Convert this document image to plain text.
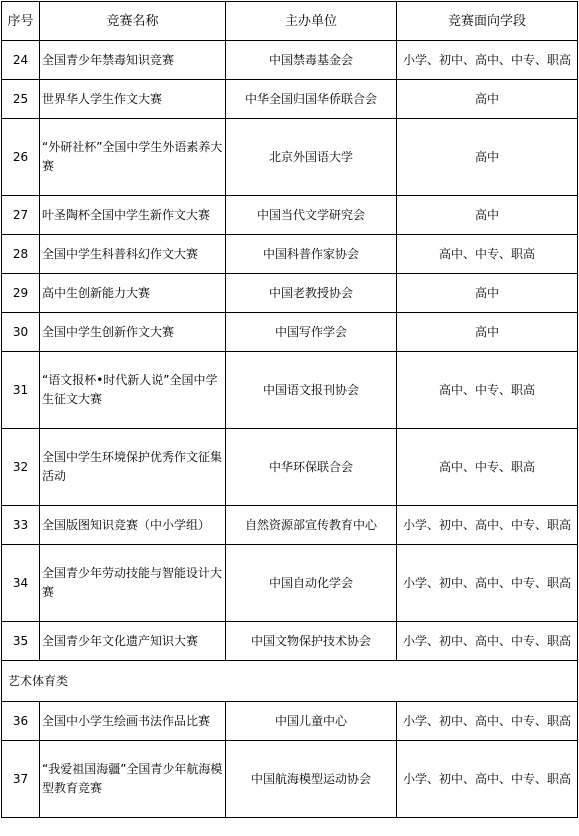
序号	竞赛名称	主办单位	竞赛面向学段
24	全国青少年禁毒知识竞赛	中国禁毒基金会	小学、初中、高中、中专、职高
25	世界华人学生作文大赛	中华全国归国华侨联合会	高中
26	“外研社杯”全国中学生外语素养大赛	北京外国语大学	高中
27	叶圣陶杯全国中学生新作文大赛	中国当代文学研究会	高中
28	全国中学生科普科幻作文大赛	中国科普作家协会	高中、中专、职高
29	高中生创新能力大赛	中国老教授协会	高中
30	全国中学生创新作文大赛	中国写作学会	高中
31	“语文报杯•时代新人说”全国中学生征文大赛	中国语文报刊协会	高中、中专、职高
32	全国中学生环境保护优秀作文征集活动	中华环保联合会	高中、中专、职高
33	全国版图知识竞赛（中小学组）	自然资源部宣传教育中心	小学、初中、高中、中专、职高
34	全国青少年劳动技能与智能设计大赛	中国自动化学会	小学、初中、高中、中专、职高
35	全国青少年文化遗产知识大赛	中国文物保护技术协会	小学、初中、高中、中专、职高
艺术体育类			
36	全国中小学生绘画书法作品比赛	中国儿童中心	小学、初中、高中、中专、职高
37	“我爱祖国海疆”全国青少年航海模型教育竞赛	中国航海模型运动协会	小学、初中、高中、中专、职高
